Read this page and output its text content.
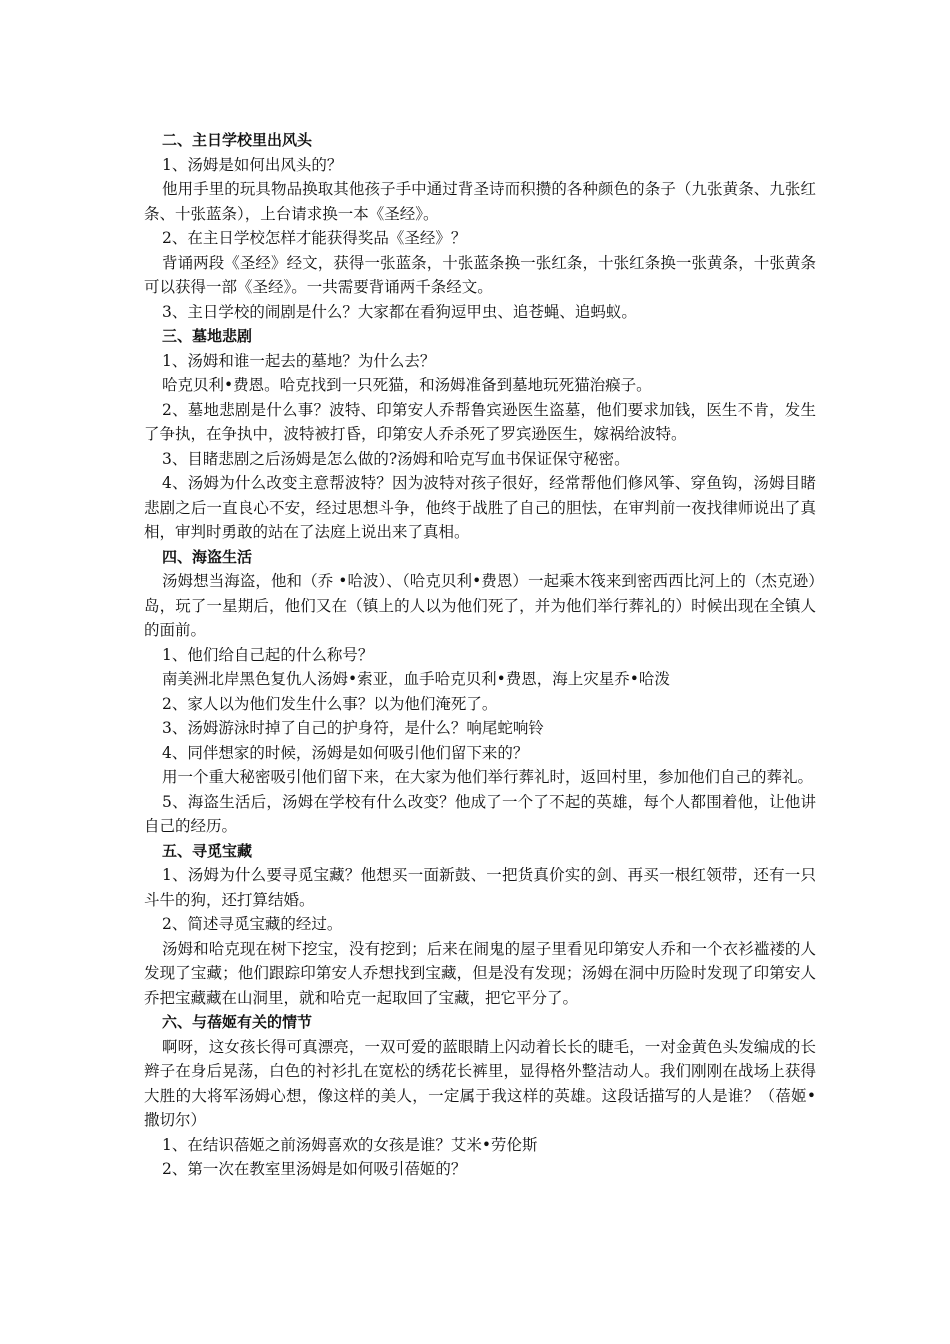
二、主日学校里出风头

1、汤姆是如何出风头的？

他用手里的玩具物品换取其他孩子手中通过背圣诗而积攒的各种颜色的条子（九张黄条、九张红条、十张蓝条），上台请求换一本《圣经》。

2、在主日学校怎样才能获得奖品《圣经》？

背诵两段《圣经》经文，获得一张蓝条，十张蓝条换一张红条，十张红条换一张黄条，十张黄条可以获得一部《圣经》。一共需要背诵两千条经文。

3、主日学校的闹剧是什么？大家都在看狗逗甲虫、追苍蝇、追蚂蚁。

三、墓地悲剧

1、汤姆和谁一起去的墓地？为什么去？

哈克贝利•费恩。哈克找到一只死猫，和汤姆准备到墓地玩死猫治瘊子。

2、墓地悲剧是什么事？波特、印第安人乔帮鲁宾逊医生盗墓，他们要求加钱，医生不肯，发生了争执，在争执中，波特被打昏，印第安人乔杀死了罗宾逊医生，嫁祸给波特。

3、目睹悲剧之后汤姆是怎么做的?汤姆和哈克写血书保证保守秘密。

4、汤姆为什么改变主意帮波特？因为波特对孩子很好，经常帮他们修风筝、穿鱼钩，汤姆目睹悲剧之后一直良心不安，经过思想斗争，他终于战胜了自己的胆怯，在审判前一夜找律师说出了真相，审判时勇敢的站在了法庭上说出来了真相。

四、海盗生活

汤姆想当海盗，他和（乔 •哈波）、（哈克贝利•费恩）一起乘木筏来到密西西比河上的（杰克逊）岛，玩了一星期后，他们又在（镇上的人以为他们死了，并为他们举行葬礼的）时候出现在全镇人的面前。

1、他们给自己起的什么称号？

南美洲北岸黑色复仇人汤姆•索亚，血手哈克贝利•费恩，海上灾星乔•哈泼

2、家人以为他们发生什么事？以为他们淹死了。

3、汤姆游泳时掉了自己的护身符，是什么？响尾蛇响铃

4、同伴想家的时候，汤姆是如何吸引他们留下来的？

用一个重大秘密吸引他们留下来，在大家为他们举行葬礼时，返回村里，参加他们自己的葬礼。

5、海盗生活后，汤姆在学校有什么改变？他成了一个了不起的英雄，每个人都围着他，让他讲自己的经历。

五、寻觅宝藏

1、汤姆为什么要寻觅宝藏？他想买一面新鼓、一把货真价实的剑、再买一根红领带，还有一只斗牛的狗，还打算结婚。

2、简述寻觅宝藏的经过。

汤姆和哈克现在树下挖宝，没有挖到；后来在闹鬼的屋子里看见印第安人乔和一个衣衫褴褛的人发现了宝藏；他们跟踪印第安人乔想找到宝藏，但是没有发现；汤姆在洞中历险时发现了印第安人乔把宝藏藏在山洞里，就和哈克一起取回了宝藏，把它平分了。

六、与蓓姬有关的情节

啊呀，这女孩长得可真漂亮，一双可爱的蓝眼睛上闪动着长长的睫毛，一对金黄色头发编成的长辫子在身后晃荡，白色的衬衫扎在宽松的绣花长裤里，显得格外整洁动人。我们刚刚在战场上获得大胜的大将军汤姆心想，像这样的美人，一定属于我这样的英雄。这段话描写的人是谁？（蓓姬•撒切尔）

1、在结识蓓姬之前汤姆喜欢的女孩是谁？艾米•劳伦斯

2、第一次在教室里汤姆是如何吸引蓓姬的？
